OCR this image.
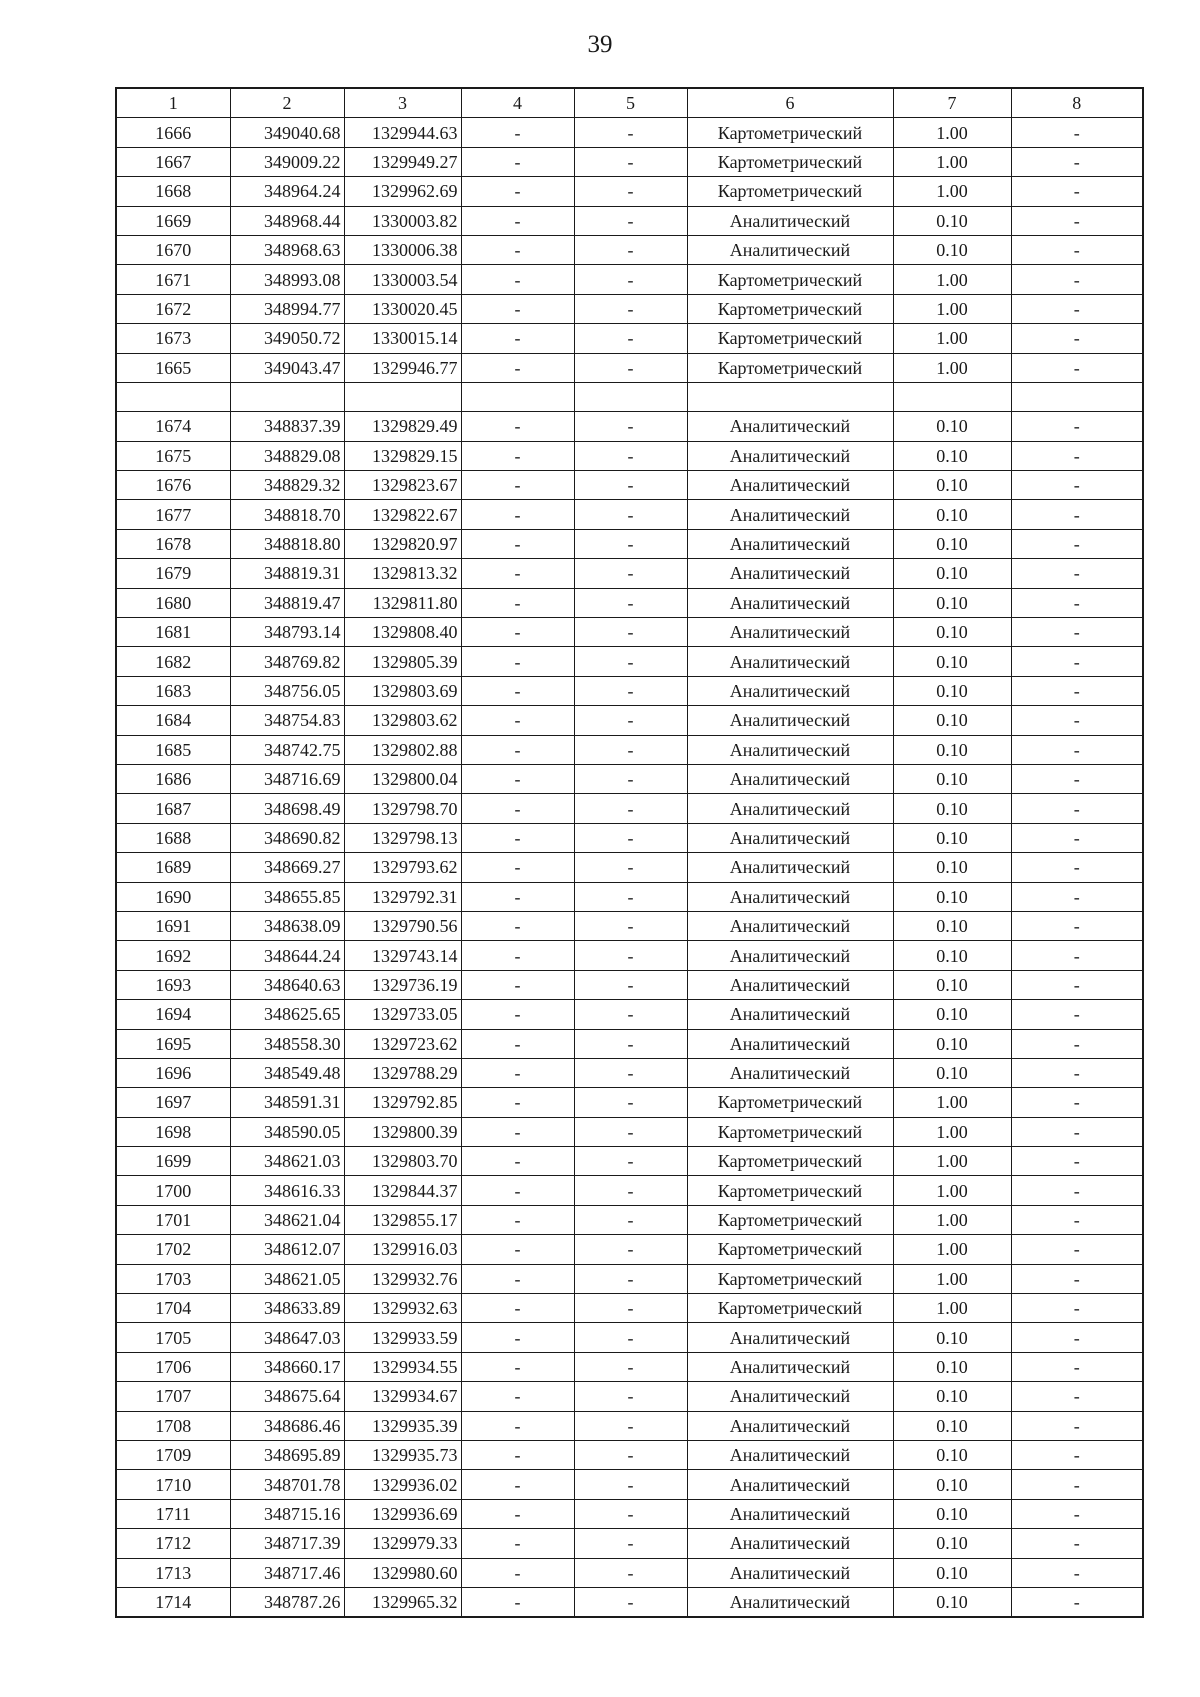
39
1	2	3	4	5	6	7	8
1666	349040.68	1329944.63	-	-	Картометрический	1.00	-
1667	349009.22	1329949.27	-	-	Картометрический	1.00	-
1668	348964.24	1329962.69	-	-	Картометрический	1.00	-
1669	348968.44	1330003.82	-	-	Аналитический	0.10	-
1670	348968.63	1330006.38	-	-	Аналитический	0.10	-
1671	348993.08	1330003.54	-	-	Картометрический	1.00	-
1672	348994.77	1330020.45	-	-	Картометрический	1.00	-
1673	349050.72	1330015.14	-	-	Картометрический	1.00	-
1665	349043.47	1329946.77	-	-	Картометрический	1.00	-

1674	348837.39	1329829.49	-	-	Аналитический	0.10	-
1675	348829.08	1329829.15	-	-	Аналитический	0.10	-
1676	348829.32	1329823.67	-	-	Аналитический	0.10	-
1677	348818.70	1329822.67	-	-	Аналитический	0.10	-
1678	348818.80	1329820.97	-	-	Аналитический	0.10	-
1679	348819.31	1329813.32	-	-	Аналитический	0.10	-
1680	348819.47	1329811.80	-	-	Аналитический	0.10	-
1681	348793.14	1329808.40	-	-	Аналитический	0.10	-
1682	348769.82	1329805.39	-	-	Аналитический	0.10	-
1683	348756.05	1329803.69	-	-	Аналитический	0.10	-
1684	348754.83	1329803.62	-	-	Аналитический	0.10	-
1685	348742.75	1329802.88	-	-	Аналитический	0.10	-
1686	348716.69	1329800.04	-	-	Аналитический	0.10	-
1687	348698.49	1329798.70	-	-	Аналитический	0.10	-
1688	348690.82	1329798.13	-	-	Аналитический	0.10	-
1689	348669.27	1329793.62	-	-	Аналитический	0.10	-
1690	348655.85	1329792.31	-	-	Аналитический	0.10	-
1691	348638.09	1329790.56	-	-	Аналитический	0.10	-
1692	348644.24	1329743.14	-	-	Аналитический	0.10	-
1693	348640.63	1329736.19	-	-	Аналитический	0.10	-
1694	348625.65	1329733.05	-	-	Аналитический	0.10	-
1695	348558.30	1329723.62	-	-	Аналитический	0.10	-
1696	348549.48	1329788.29	-	-	Аналитический	0.10	-
1697	348591.31	1329792.85	-	-	Картометрический	1.00	-
1698	348590.05	1329800.39	-	-	Картометрический	1.00	-
1699	348621.03	1329803.70	-	-	Картометрический	1.00	-
1700	348616.33	1329844.37	-	-	Картометрический	1.00	-
1701	348621.04	1329855.17	-	-	Картометрический	1.00	-
1702	348612.07	1329916.03	-	-	Картометрический	1.00	-
1703	348621.05	1329932.76	-	-	Картометрический	1.00	-
1704	348633.89	1329932.63	-	-	Картометрический	1.00	-
1705	348647.03	1329933.59	-	-	Аналитический	0.10	-
1706	348660.17	1329934.55	-	-	Аналитический	0.10	-
1707	348675.64	1329934.67	-	-	Аналитический	0.10	-
1708	348686.46	1329935.39	-	-	Аналитический	0.10	-
1709	348695.89	1329935.73	-	-	Аналитический	0.10	-
1710	348701.78	1329936.02	-	-	Аналитический	0.10	-
1711	348715.16	1329936.69	-	-	Аналитический	0.10	-
1712	348717.39	1329979.33	-	-	Аналитический	0.10	-
1713	348717.46	1329980.60	-	-	Аналитический	0.10	-
1714	348787.26	1329965.32	-	-	Аналитический	0.10	-
